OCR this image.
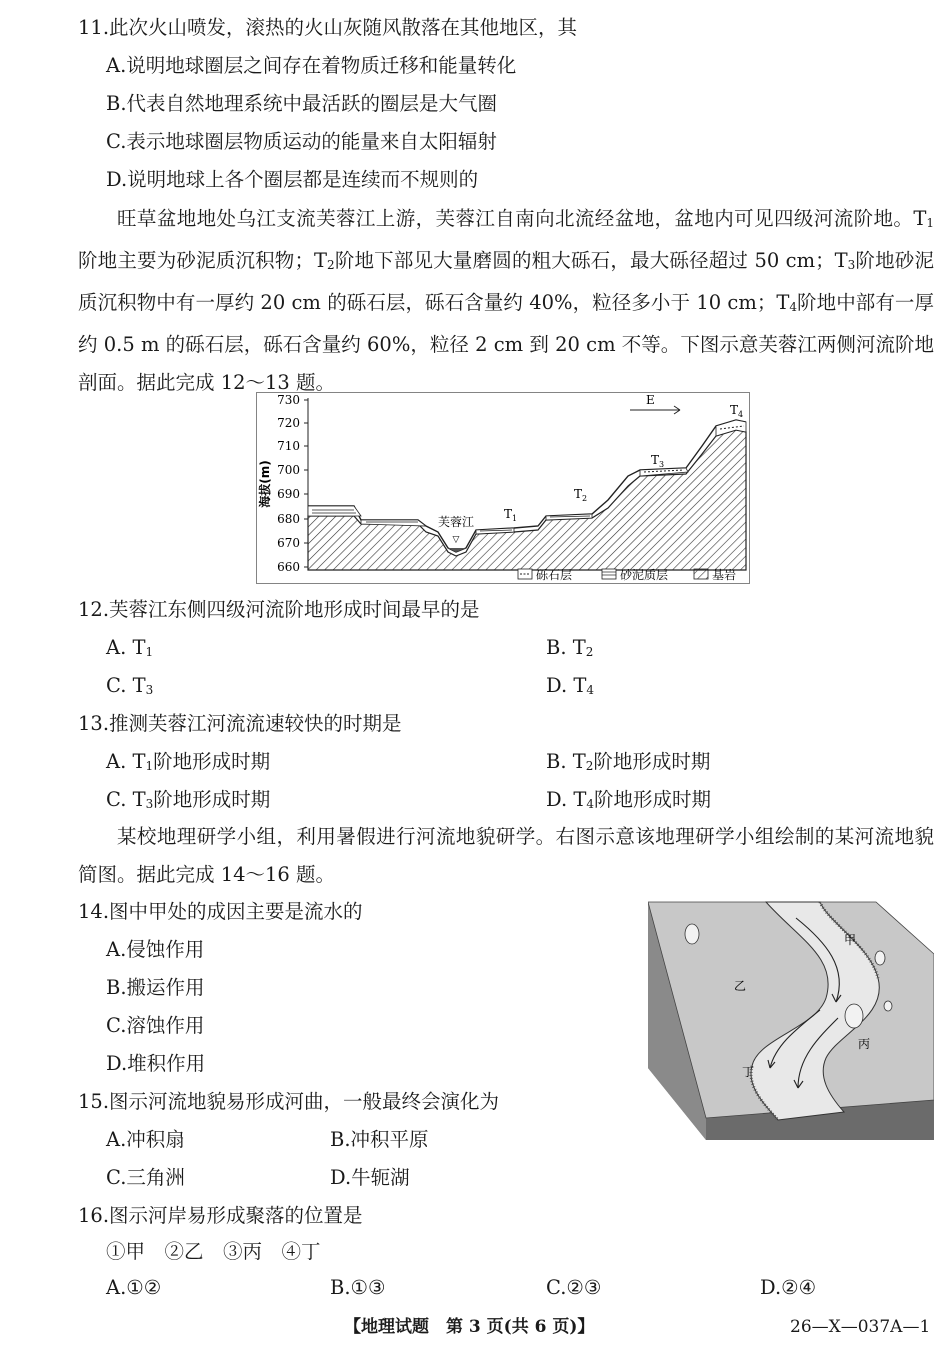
11.此次火山喷发，滚热的火山灰随风散落在其他地区，其
A.说明地球圈层之间存在着物质迁移和能量转化
B.代表自然地理系统中最活跃的圈层是大气圈
C.表示地球圈层物质运动的能量来自太阳辐射
D.说明地球上各个圈层都是连续而不规则的
旺草盆地地处乌江支流芙蓉江上游，芙蓉江自南向北流经盆地，盆地内可见四级河流阶地。$T_1$阶地主要为砂泥质沉积物；$T_2$阶地下部见大量磨圆的粗大砾石，最大砾径超过 50 cm；$T_3$阶地砂泥质沉积物中有一厚约 20 cm 的砾石层，砾石含量约 40%，粒径多小于 10 cm；$T_4$阶地中部有一厚约 0.5 m 的砾石层，砾石含量约 60%，粒径 2 cm 到 20 cm 不等。下图示意芙蓉江两侧河流阶地剖面。据此完成 12～13 题。
730
720
710
700
690
680
670
660
海拔(m)
▽
芙蓉江
T 1
T 2
T 3
T 4
E
砾石层	砂泥质层	基岩
12.芙蓉江东侧四级河流阶地形成时间最早的是
A. $T_1$	B. $T_2$
C. $T_3$	D. $T_4$
13.推测芙蓉江河流流速较快的时期是
A. $T_1$阶地形成时期	B. $T_2$阶地形成时期
C. $T_3$阶地形成时期	D. $T_4$阶地形成时期
某校地理研学小组，利用暑假进行河流地貌研学。右图示意该地理研学小组绘制的某河流地貌简图。据此完成 14～16 题。
甲
乙
丙
丁
14.图中甲处的成因主要是流水的
A.侵蚀作用
B.搬运作用
C.溶蚀作用
D.堆积作用
15.图示河流地貌易形成河曲，一般最终会演化为
A.冲积扇	B.冲积平原
C.三角洲	D.牛轭湖
16.图示河岸易形成聚落的位置是
①甲　②乙　③丙　④丁
A.①②	B.①③	C.②③	D.②④
【地理试题　第 3 页(共 6 页)】	26—X—037A—1
